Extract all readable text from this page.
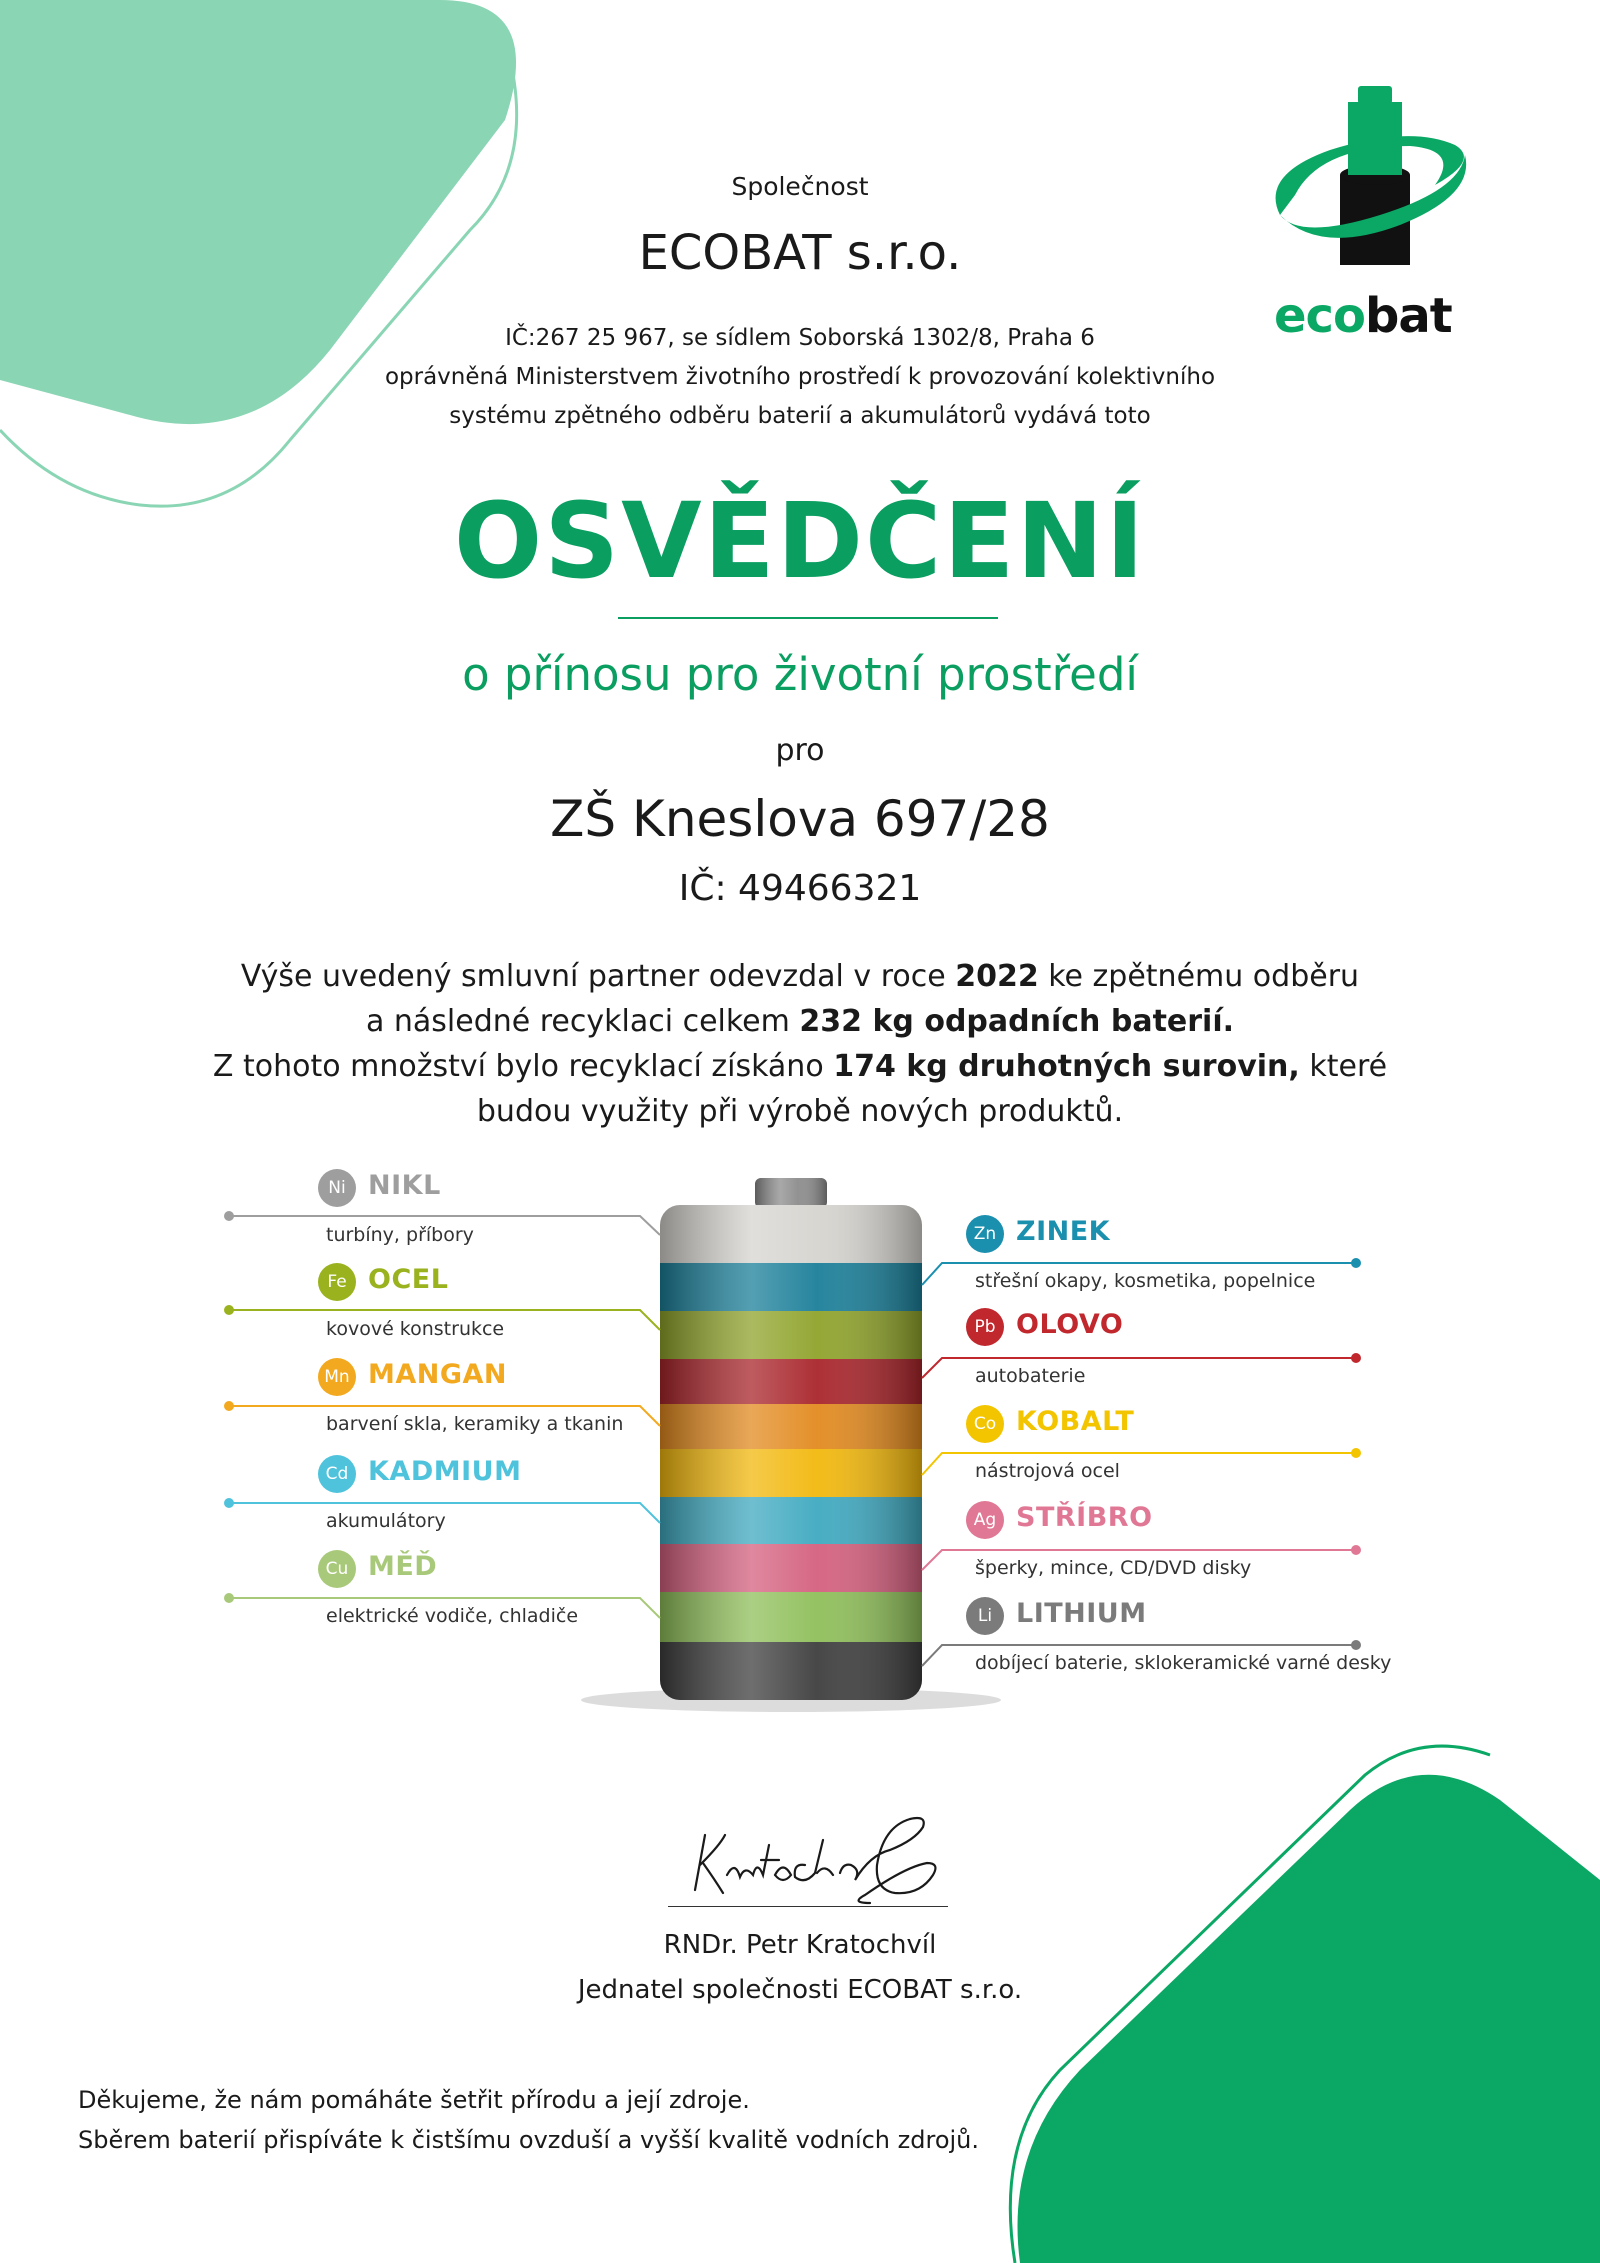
ecobat
Společnost
ECOBAT s.r.o.
IČ:267 25 967, se sídlem Soborská 1302/8, Praha 6
oprávněná Ministerstvem životního prostředí k provozování kolektivního
systému zpětného odběru baterií a akumulátorů vydává toto
OSVĚDČENÍ
o přínosu pro životní prostředí
pro
ZŠ Kneslova 697/28
IČ: 49466321
Výše uvedený smluvní partner odevzdal v roce 2022 ke zpětnému odběru
a následné recyklaci celkem 232 kg odpadních baterií.
Z tohoto množství bylo recyklací získáno 174 kg druhotných surovin, které
budou využity při výrobě nových produktů.
Ni NIKL
turbíny, příbory
Fe OCEL
kovové konstrukce
Mn MANGAN
barvení skla, keramiky a tkanin
Cd KADMIUM
akumulátory
Cu MĚĎ
elektrické vodiče, chladiče
Zn ZINEK
střešní okapy, kosmetika, popelnice
Pb OLOVO
autobaterie
Co KOBALT
nástrojová ocel
Ag STŘÍBRO
šperky, mince, CD/DVD disky
Li LITHIUM
dobíjecí baterie, sklokeramické varné desky
RNDr. Petr Kratochvíl
Jednatel společnosti ECOBAT s.r.o.
Děkujeme, že nám pomáháte šetřit přírodu a její zdroje.
Sběrem baterií přispíváte k čistšímu ovzduší a vyšší kvalitě vodních zdrojů.
